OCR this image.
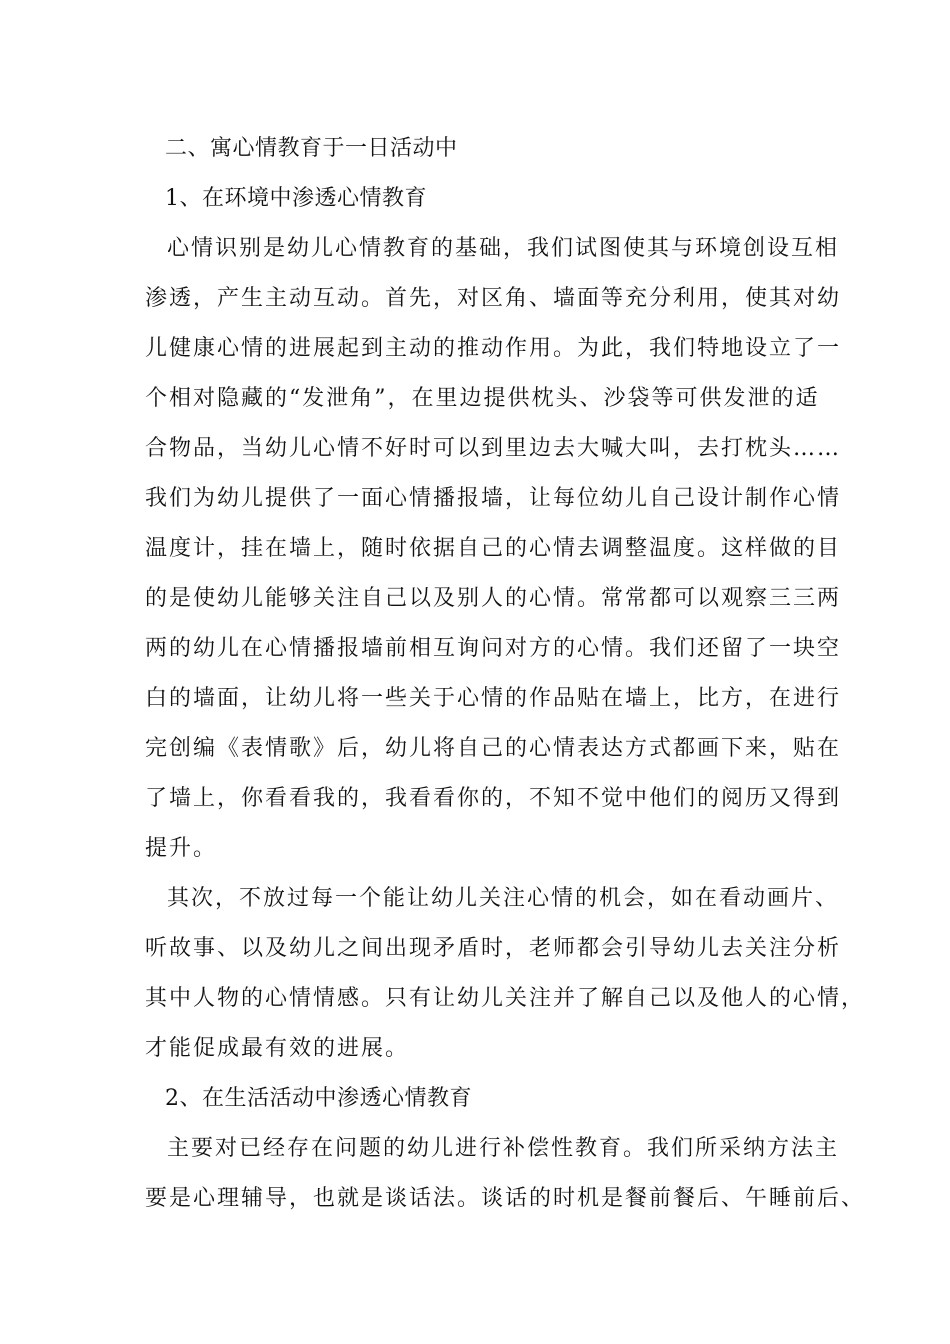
二、寓心情教育于一日活动中
1、在环境中渗透心情教育
心情识别是幼儿心情教育的基础，我们试图使其与环境创设互相
渗透，产生主动互动。首先，对区角、墙面等充分利用，使其对幼
儿健康心情的进展起到主动的推动作用。为此，我们特地设立了一
个相对隐藏的“发泄角”，在里边提供枕头、沙袋等可供发泄的适
合物品，当幼儿心情不好时可以到里边去大喊大叫，去打枕头……
我们为幼儿提供了一面心情播报墙，让每位幼儿自己设计制作心情
温度计，挂在墙上，随时依据自己的心情去调整温度。这样做的目
的是使幼儿能够关注自己以及别人的心情。常常都可以观察三三两
两的幼儿在心情播报墙前相互询问对方的心情。我们还留了一块空
白的墙面，让幼儿将一些关于心情的作品贴在墙上，比方，在进行
完创编《表情歌》后，幼儿将自己的心情表达方式都画下来，贴在
了墙上，你看看我的，我看看你的，不知不觉中他们的阅历又得到
提升。
其次，不放过每一个能让幼儿关注心情的机会，如在看动画片、
听故事、以及幼儿之间出现矛盾时，老师都会引导幼儿去关注分析
其中人物的心情情感。只有让幼儿关注并了解自己以及他人的心情，
才能促成最有效的进展。
2、在生活活动中渗透心情教育
主要对已经存在问题的幼儿进行补偿性教育。我们所采纳方法主
要是心理辅导，也就是谈话法。谈话的时机是餐前餐后、午睡前后、
